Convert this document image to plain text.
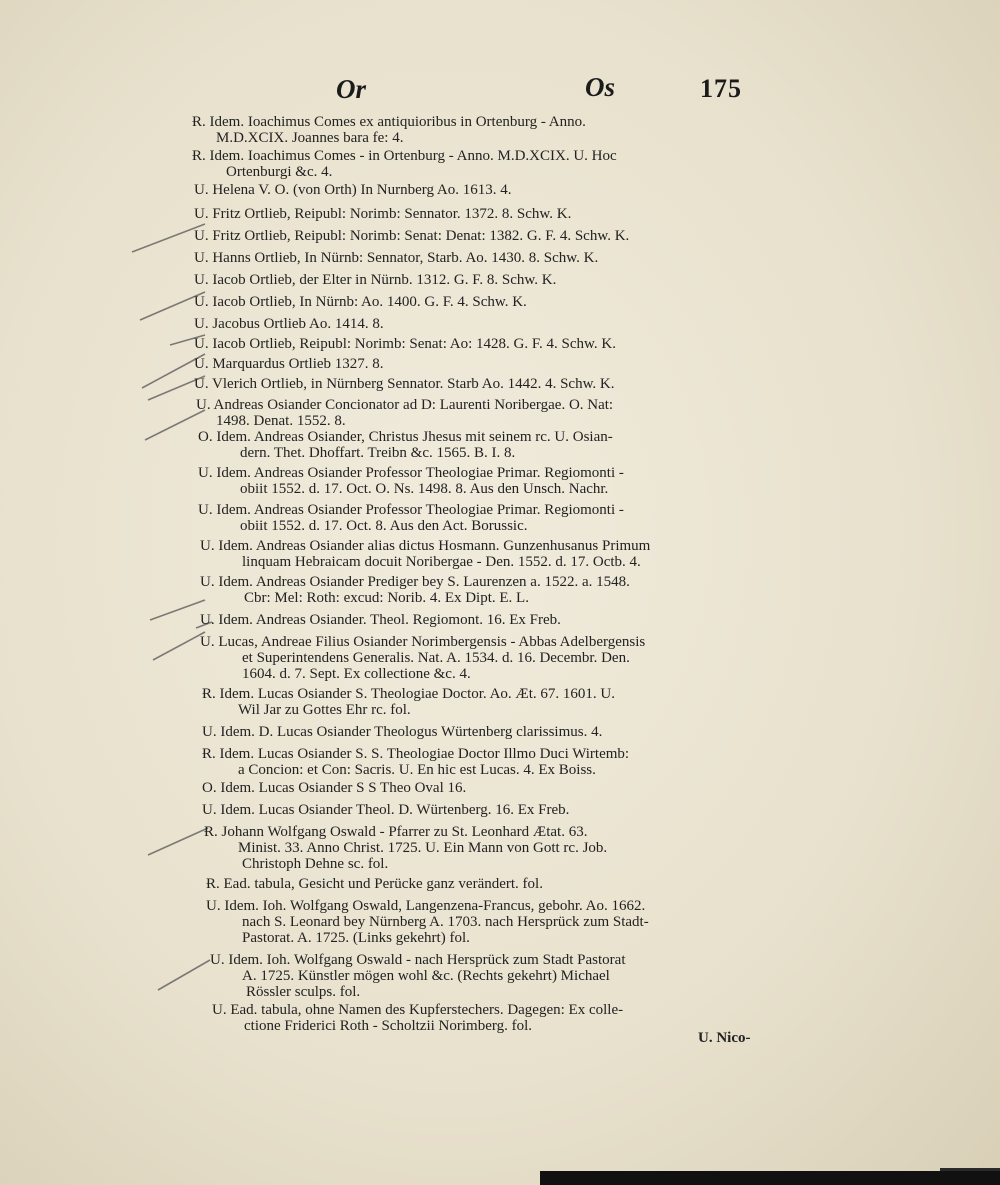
Or	Os	175
Ɍ. Idem. Ioachimus Comes ex antiquioribus in Ortenburg - Anno.
M.D.XCIX. Joannes bara fe: 4.
Ɍ. Idem. Ioachimus Comes - in Ortenburg - Anno. M.D.XCIX. U. Hoc
Ortenburgi &c. 4.
U. Helena V. O. (von Orth) In Nurnberg Ao. 1613. 4.
U. Fritz Ortlieb, Reipubl: Norimb: Sennator. 1372. 8. Schw. K.
U. Fritz Ortlieb, Reipubl: Norimb: Senat: Denat: 1382. G. F. 4. Schw. K.
U. Hanns Ortlieb, In Nürnb: Sennator, Starb. Ao. 1430. 8. Schw. K.
U. Iacob Ortlieb, der Elter in Nürnb. 1312. G. F. 8. Schw. K.
U. Iacob Ortlieb, In Nürnb: Ao. 1400. G. F. 4. Schw. K.
U. Jacobus Ortlieb Ao. 1414. 8.
U. Iacob Ortlieb, Reipubl: Norimb: Senat: Ao: 1428. G. F. 4. Schw. K.
U. Marquardus Ortlieb 1327. 8.
U. Vlerich Ortlieb, in Nürnberg Sennator. Starb Ao. 1442. 4. Schw. K.
U. Andreas Osiander Concionator ad D: Laurenti Noribergae. O. Nat:
1498. Denat. 1552. 8.
O. Idem. Andreas Osiander, Christus Jhesus mit seinem rc. U. Osian-
dern. Thet. Dhoffart. Treibn &c. 1565. B. I. 8.
U. Idem. Andreas Osiander Professor Theologiae Primar. Regiomonti -
obiit 1552. d. 17. Oct. O. Ns. 1498. 8. Aus den Unsch. Nachr.
U. Idem. Andreas Osiander Professor Theologiae Primar. Regiomonti -
obiit 1552. d. 17. Oct. 8. Aus den Act. Borussic.
U. Idem. Andreas Osiander alias dictus Hosmann. Gunzenhusanus Primum
linquam Hebraicam docuit Noribergae - Den. 1552. d. 17. Octb. 4.
U. Idem. Andreas Osiander Prediger bey S. Laurenzen a. 1522. a. 1548.
Cbr: Mel: Roth: excud: Norib. 4. Ex Dipt. E. L.
U. Idem. Andreas Osiander. Theol. Regiomont. 16. Ex Freb.
U. Lucas, Andreae Filius Osiander Norimbergensis - Abbas Adelbergensis
et Superintendens Generalis. Nat. A. 1534. d. 16. Decembr. Den.
1604. d. 7. Sept. Ex collectione &c. 4.
Ɍ. Idem. Lucas Osiander S. Theologiae Doctor. Ao. Æt. 67. 1601. U.
Wil Jar zu Gottes Ehr rc. fol.
U. Idem. D. Lucas Osiander Theologus Würtenberg clarissimus. 4.
Ɍ. Idem. Lucas Osiander S. S. Theologiae Doctor Illmo Duci Wirtemb:
a Concion: et Con: Sacris. U. En hic est Lucas. 4. Ex Boiss.
O. Idem. Lucas Osiander S S Theo Oval 16.
U. Idem. Lucas Osiander Theol. D. Würtenberg. 16. Ex Freb.
Ɍ. Johann Wolfgang Oswald - Pfarrer zu St. Leonhard Ætat. 63.
Minist. 33. Anno Christ. 1725. U. Ein Mann von Gott rc. Job.
Christoph Dehne sc. fol.
Ɍ. Ead. tabula, Gesicht und Perücke ganz verändert. fol.
U. Idem. Ioh. Wolfgang Oswald, Langenzena-Francus, gebohr. Ao. 1662.
nach S. Leonard bey Nürnberg A. 1703. nach Hersprück zum Stadt-
Pastorat. A. 1725. (Links gekehrt) fol.
U. Idem. Ioh. Wolfgang Oswald - nach Hersprück zum Stadt Pastorat
A. 1725. Künstler mögen wohl &c. (Rechts gekehrt) Michael
Rössler sculps. fol.
U. Ead. tabula, ohne Namen des Kupferstechers. Dagegen: Ex colle-
ctione Friderici Roth - Scholtzii Norimberg. fol.
U. Nico-
